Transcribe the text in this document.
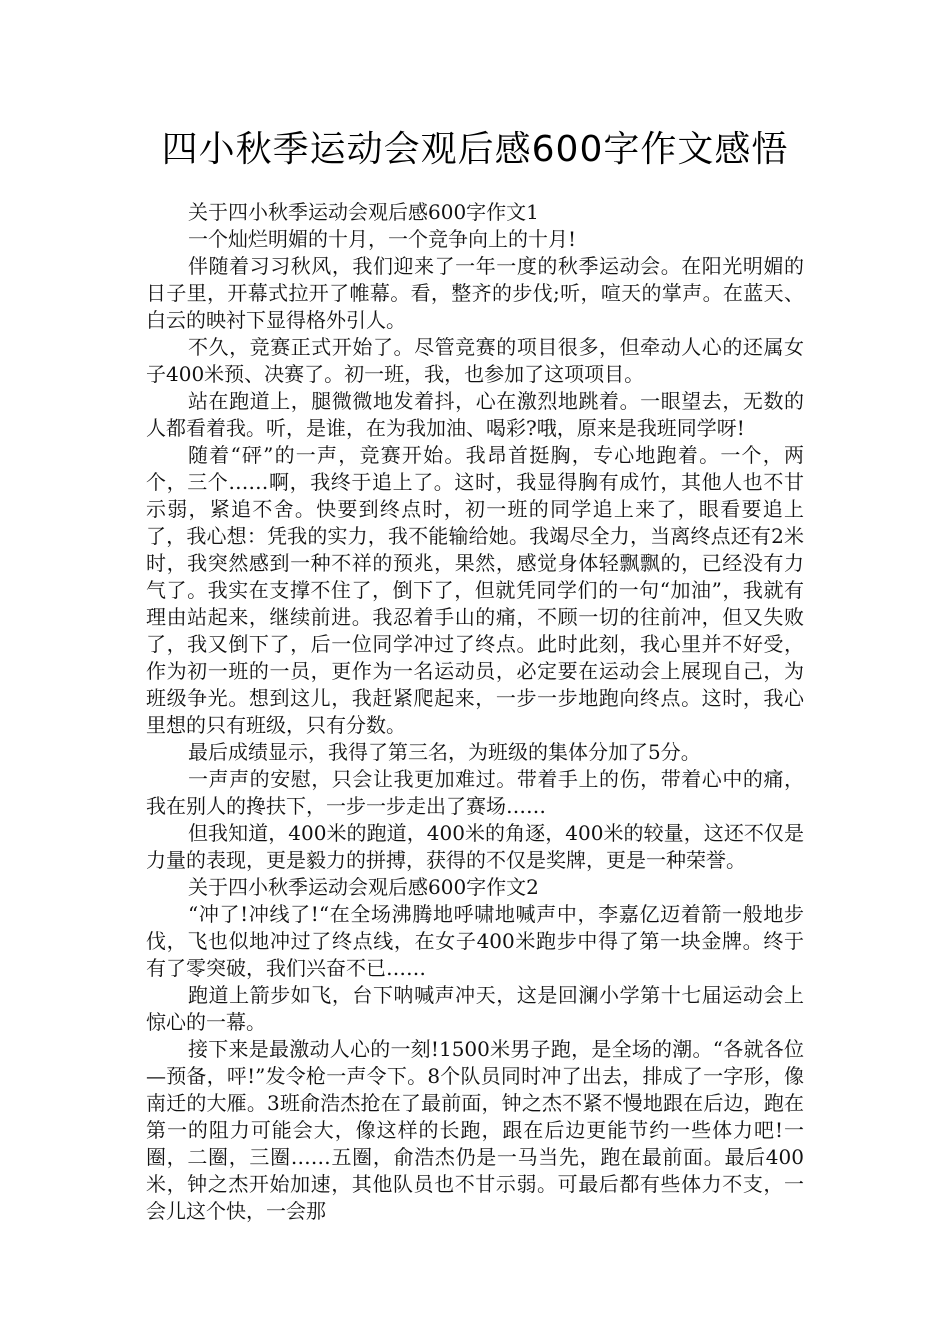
四小秋季运动会观后感600字作文感悟

关于四小秋季运动会观后感600字作文1

一个灿烂明媚的十月，一个竞争向上的十月!

伴随着习习秋风，我们迎来了一年一度的秋季运动会。在阳光明媚的日子里，开幕式拉开了帷幕。看，整齐的步伐;听，喧天的掌声。在蓝天、白云的映衬下显得格外引人。

不久，竞赛正式开始了。尽管竞赛的项目很多，但牵动人心的还属女子400米预、决赛了。初一班，我，也参加了这项项目。

站在跑道上，腿微微地发着抖，心在激烈地跳着。一眼望去，无数的人都看着我。听，是谁，在为我加油、喝彩?哦，原来是我班同学呀!

随着“砰”的一声，竞赛开始。我昂首挺胸，专心地跑着。一个，两个，三个……啊，我终于追上了。这时，我显得胸有成竹，其他人也不甘示弱，紧追不舍。快要到终点时，初一班的同学追上来了，眼看要追上了，我心想：凭我的实力，我不能输给她。我竭尽全力，当离终点还有2米时，我突然感到一种不祥的预兆，果然，感觉身体轻飘飘的，已经没有力气了。我实在支撑不住了，倒下了，但就凭同学们的一句“加油”，我就有理由站起来，继续前进。我忍着手山的痛，不顾一切的往前冲，但又失败了，我又倒下了，后一位同学冲过了终点。此时此刻，我心里并不好受，作为初一班的一员，更作为一名运动员，必定要在运动会上展现自己，为班级争光。想到这儿，我赶紧爬起来，一步一步地跑向终点。这时，我心里想的只有班级，只有分数。

最后成绩显示，我得了第三名，为班级的集体分加了5分。

一声声的安慰，只会让我更加难过。带着手上的伤，带着心中的痛，我在别人的搀扶下，一步一步走出了赛场……

但我知道，400米的跑道，400米的角逐，400米的较量，这还不仅是力量的表现，更是毅力的拼搏，获得的不仅是奖牌，更是一种荣誉。

关于四小秋季运动会观后感600字作文2

“冲了!冲线了!“在全场沸腾地呼啸地喊声中，李嘉亿迈着箭一般地步伐，飞也似地冲过了终点线，在女子400米跑步中得了第一块金牌。终于有了零突破，我们兴奋不已……

跑道上箭步如飞，台下呐喊声冲天，这是回澜小学第十七届运动会上惊心的一幕。

接下来是最激动人心的一刻!1500米男子跑，是全场的潮。“各就各位—预备，呯!”发令枪一声令下。8个队员同时冲了出去，排成了一字形，像南迁的大雁。3班俞浩杰抢在了最前面，钟之杰不紧不慢地跟在后边，跑在第一的阻力可能会大，像这样的长跑，跟在后边更能节约一些体力吧!一圈，二圈，三圈……五圈，俞浩杰仍是一马当先，跑在最前面。最后400米，钟之杰开始加速，其他队员也不甘示弱。可最后都有些体力不支，一会儿这个快，一会那
